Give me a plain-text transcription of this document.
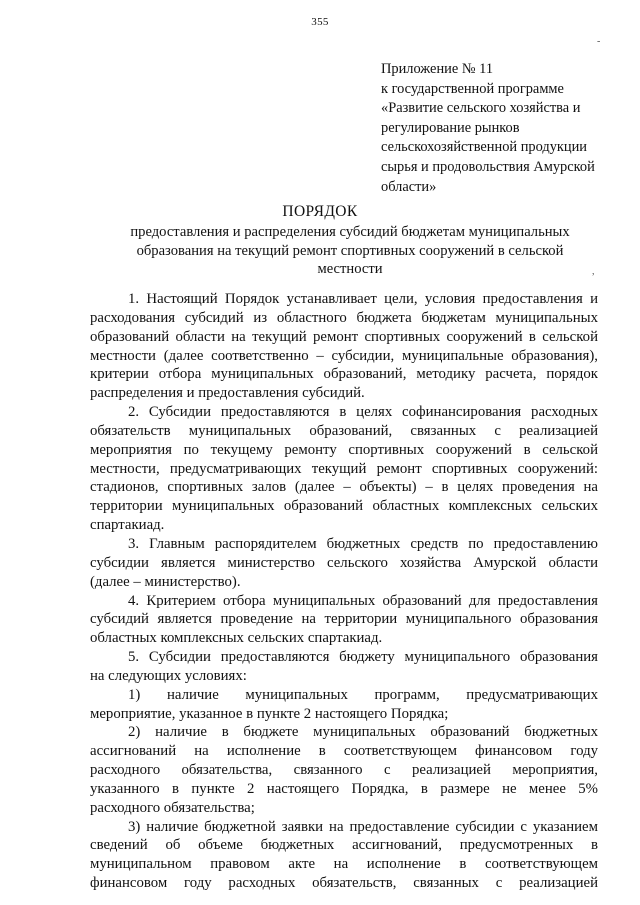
355
Приложение № 11
к государственной программе
«Развитие сельского хозяйства и
регулирование рынков
сельскохозяйственной продукции
сырья и продовольствия Амурской
области»
ПОРЯДОК
предоставления и распределения субсидий бюджетам муниципальных
образования на текущий ремонт спортивных сооружений в сельской
местности
1. Настоящий Порядок устанавливает цели, условия предоставления и
расходования субсидий из областного бюджета бюджетам муниципальных
образований области на текущий ремонт спортивных сооружений в сельской
местности (далее соответственно – субсидии, муниципальные образования),
критерии отбора муниципальных образований, методику расчета, порядок
распределения и предоставления субсидий.
2. Субсидии предоставляются в целях софинансирования расходных
обязательств муниципальных образований, связанных с реализацией
мероприятия по текущему ремонту спортивных сооружений в сельской
местности, предусматривающих текущий ремонт спортивных сооружений:
стадионов, спортивных залов (далее – объекты) – в целях проведения на
территории муниципальных образований областных комплексных сельских
спартакиад.
3. Главным распорядителем бюджетных средств по предоставлению
субсидии является министерство сельского хозяйства Амурской области
(далее – министерство).
4. Критерием отбора муниципальных образований для предоставления
субсидий является проведение на территории муниципального образования
областных комплексных сельских спартакиад.
5. Субсидии предоставляются бюджету муниципального образования
на следующих условиях:
1) наличие муниципальных программ, предусматривающих
мероприятие, указанное в пункте 2 настоящего Порядка;
2) наличие в бюджете муниципальных образований бюджетных
ассигнований на исполнение в соответствующем финансовом году
расходного обязательства, связанного с реализацией мероприятия,
указанного в пункте 2 настоящего Порядка, в размере не менее 5%
расходного обязательства;
3) наличие бюджетной заявки на предоставление субсидии с указанием
сведений об объеме бюджетных ассигнований, предусмотренных в
муниципальном правовом акте на исполнение в соответствующем
финансовом году расходных обязательств, связанных с реализацией
-
,
